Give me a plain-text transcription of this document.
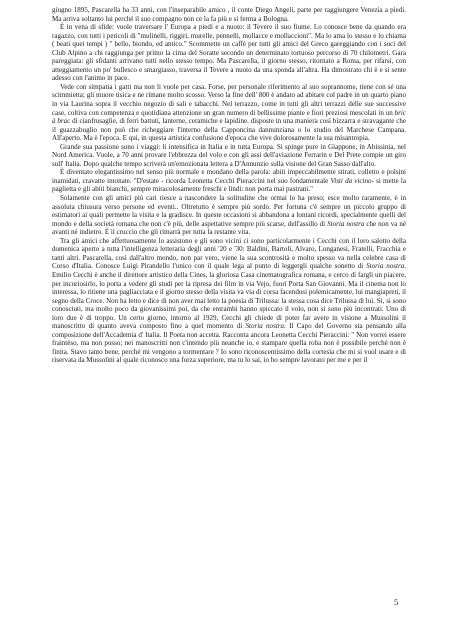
giugno 1895, Pascarella ha 33 anni, con l'inseparabile amico , il conte Diego Angeli, parte per raggiungere Venezia a piedi. Ma arriva soltanto lui perché il suo compagno non ce la fa più e si ferma a Bologna.

È in vena di sfide: vuole traversare l' Europa a piedi e a nuoto: il Tevere il suo fiume. Lo conosce bene da quando era ragazzo, con tutti i pericoli di "mulinelli, riggiri, murelle, pennelli, mollacce e mollaccioni". Ma lo ama lo stesso e lo chiama ( beati quei tempi ) " bello, biondo, ed antico." Scommette un caffè per tutti gli amici del Greco gareggiando con i soci del Club Alpino a chi raggiunga per primo la cima del Soratte secondo un determinato tortuoso percorso di 70 chilometri. Gara pareggiata: gli sfidanti arrivano tutti nello stesso tempo. Ma Pascarella, il giorno stesso, ritornato a Roma, per rifarsi, con atteggiamento un po' bullesco e smargiasso, traversa il Tevere a nuoto da una sponda all'altra. Ha dimostrato chi è e si sente adesso con l'animo in pace.

Vede con simpatia i gatti ma non li vuole per casa. Forse, per personale riferimento al suo soprannome, tiene con sé una scimmietta; gli muore tisica e ne rimane molto scosso. Verso la fine dell' 800 è andato ad abitare col padre in un quarto piano in via Laurina sopra il vecchio negozio di sali e tabacchi. Nel terrazzo, come in tutti gli altri terrazzi delle sue successive case, coltiva con competenza e quotidiana attenzione un gran numero di bellissime piante e fiori preziosi mescolati in un bric à brac di cianfrusaglie, di ferri battuti, lanterne, ceramiche e lapidine. disposte in una maniera così bizzarra e stravagante che il guazzabuglio non può che richeggiare l'interno della Capponcina dannunziana o lo studio del Marchese Campana. All'aperto. Ma è l'epoca. E qui, in questa artistica confusione d'epoca che vive dolorosamente la sua misantropia.

Grande sua passione sono i viaggi: li intensifica in Italia e in tutta Europa. Si spinge pure in Giappone, in Abissinia, nel Nord America. Vuole, a 70 anni provare l'ebbrezza del volo e con gli assi dell'aviazione Ferrarin e Del Prete compie un giro sull' Italia. Dopo qualche tempo scriverà un'emozionata lettera a D'Annunzio sulla visione del Gran Sasso dall'alto.

È diventato elegantissimo nel senso più normale e mondano della parola: abiti impeccabilmente stirati, colletto e polsini inamidati, cravatte intonate. "D'estate - ricorda Leonetta Cecchi Pieraccini nel suo fondamentale Visti da vicino- si mette la paglietta e gli abiti bianchi, sempre miracolosamente freschi e lindi: non porta mai pastrani."

Solamente con gli amici più cari riesce a nascondere la solitudine che ormai lo ha preso; esce molto raramente, è in assoluta chiusura verso persone ed eventi.. Oltretutto è sempre più sordo. Per fortuna c'è sempre un piccolo gruppo di estimatori ai quali permette la visita e la gradisce. In queste occasioni si abbandona a lontani ricordi, specialmente quelli del mondo e della società romana che non c'è più, delle aspettative sempre più scarse, dell'assillo di Storia nostra che non va né avanti né indietro. È il cruccio che gli rimarrà per tutta la restante vita.

Tra gli amici che affettuosamente lo assistono e gli sono vicini ci sono particolarmente i Cecchi con il loro salotto della domenica aperto a tutta l'intelligenza letteraria degli anni '20 e '30: Baldini, Bartoli, Alvaro, Longanesi, Fratelli, Fracchia e tanti altri. Pascarella, così dall'altro mondo, non par vero, viene la sua scontrosità e molto spesso va nella celebre casa di Corso d'Italia. Conosce Luigi Pirandello l'unico con il quale lega al punto di leggergli qualche sonetto di Storia nostra. Emilio Cecchi è anche il direttore artistico della Cines, la gloriosa Casa cinematografica romana, e cerco di fargli un piacere, per incuriosirlo, lo porta a vedere gli studi per la ripresa dei film in via Vejo, fuori Porta San Giovanni. Ma il cinema non lo interessa, lo ritiene una pagliacciata e il giorno stesso della visita va via di corsa facendosi polemicamente, lui mangiapreti, il segno della Croce. Non ha letto e dice di non aver mai letto la poesia di Trilussa: la stessa cosa dice Trilussa di lui. Si, si sono conosciuti, ma molto poco da giovanissimi poi, da che entrambi hanno spiccato il volo, non si sono più incontrati. Uno di loro due è di troppo. Un certo giorno, intorno al 1929, Cecchi gli chiede di poter far avere in visione a Mussolini il manoscritto di quanto aveva composto fino a quel momento di Storia nostra. Il Capo del Governo sta pensando alla composizione dell'Accademia d' Italia. Il Poeta non accetta. Racconta ancora Leonetta Cecchi Pieraccini: " Non vorrei essere fraintèso, ma non posso; nei manoscritti non c'intendo più neanche io, e stampare quella roba non è possibile perché non è finita. Stavo tanto bene, perché mi vengono a tormentare ? Io sono riconoscentissimo della cortesia che mi si vuol usare e di riservata da Mussolini al quale riconosco una forza superiore, ma tu lo sai, io ho sempre lavorato per me e per il

5
